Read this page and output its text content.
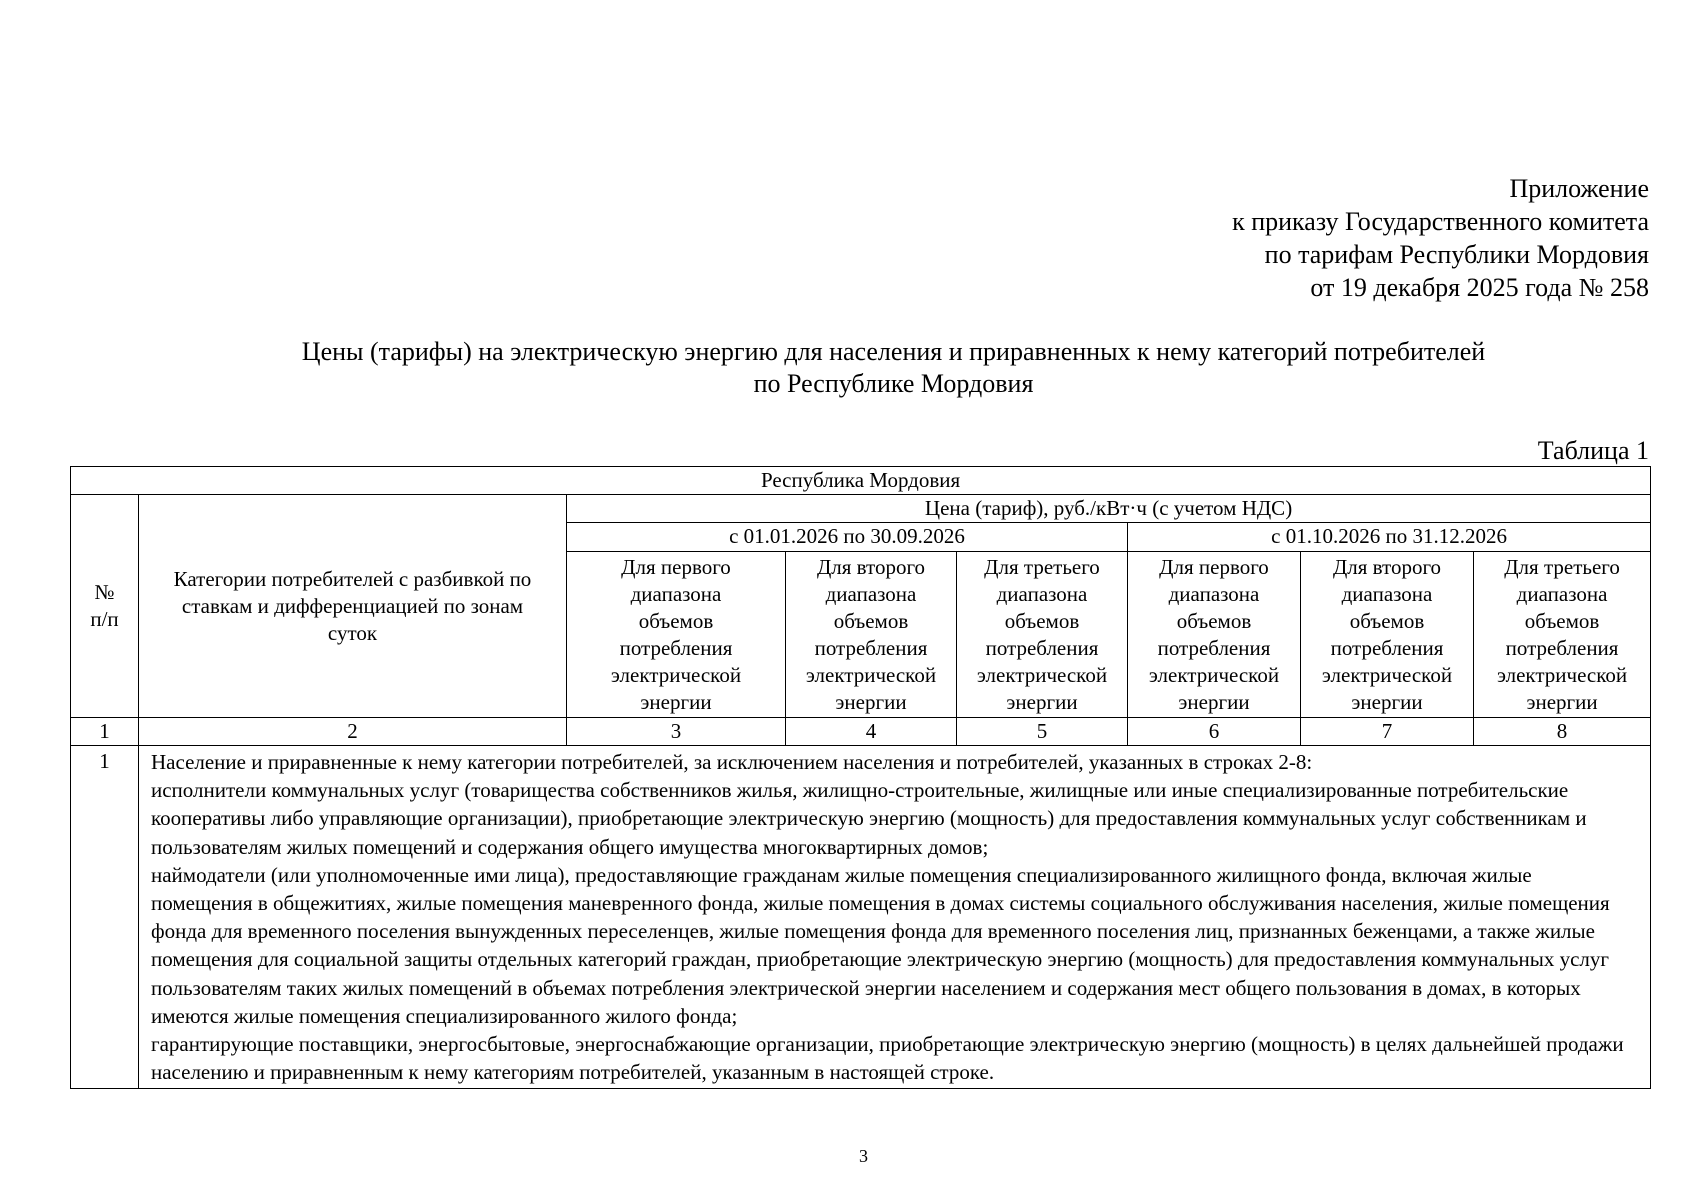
Приложение
к приказу Государственного комитета
по тарифам Республики Мордовия
от 19 декабря 2025 года № 258
Цены (тарифы) на электрическую энергию для населения и приравненных к нему категорий потребителей
по Республике Мордовия
Таблица 1
Республика Мордовия							
№ п/п	Категории потребителей с разбивкой по ставкам и дифференциацией по зонам суток	Цена (тариф), руб./кВт·ч (с учетом НДС)					
		с 01.01.2026 по 30.09.2026			с 01.10.2026 по 31.12.2026		
		Для первого диапазона объемов потребления электрической энергии	Для второго диапазона объемов потребления электрической энергии	Для третьего диапазона объемов потребления электрической энергии	Для первого диапазона объемов потребления электрической энергии	Для второго диапазона объемов потребления электрической энергии	Для третьего диапазона объемов потребления электрической энергии
1	2	3	4	5	6	7	8
1	Население и приравненные к нему категории потребителей, за исключением населения и потребителей, указанных в строках 2-8:
исполнители коммунальных услуг (товарищества собственников жилья, жилищно-строительные, жилищные или иные специализированные потребительские кооперативы либо управляющие организации), приобретающие электрическую энергию (мощность) для предоставления коммунальных услуг собственникам и пользователям жилых помещений и содержания общего имущества многоквартирных домов;
наймодатели (или уполномоченные ими лица), предоставляющие гражданам жилые помещения специализированного жилищного фонда, включая жилые помещения в общежитиях, жилые помещения маневренного фонда, жилые помещения в домах системы социального обслуживания населения, жилые помещения фонда для временного поселения вынужденных переселенцев, жилые помещения фонда для временного поселения лиц, признанных беженцами, а также жилые помещения для социальной защиты отдельных категорий граждан, приобретающие электрическую энергию (мощность) для предоставления коммунальных услуг пользователям таких жилых помещений в объемах потребления электрической энергии населением и содержания мест общего пользования в домах, в которых имеются жилые помещения специализированного жилого фонда;
гарантирующие поставщики, энергосбытовые, энергоснабжающие организации, приобретающие электрическую энергию (мощность) в целях дальнейшей продажи населению и приравненным к нему категориям потребителей, указанным в настоящей строке.						
3
